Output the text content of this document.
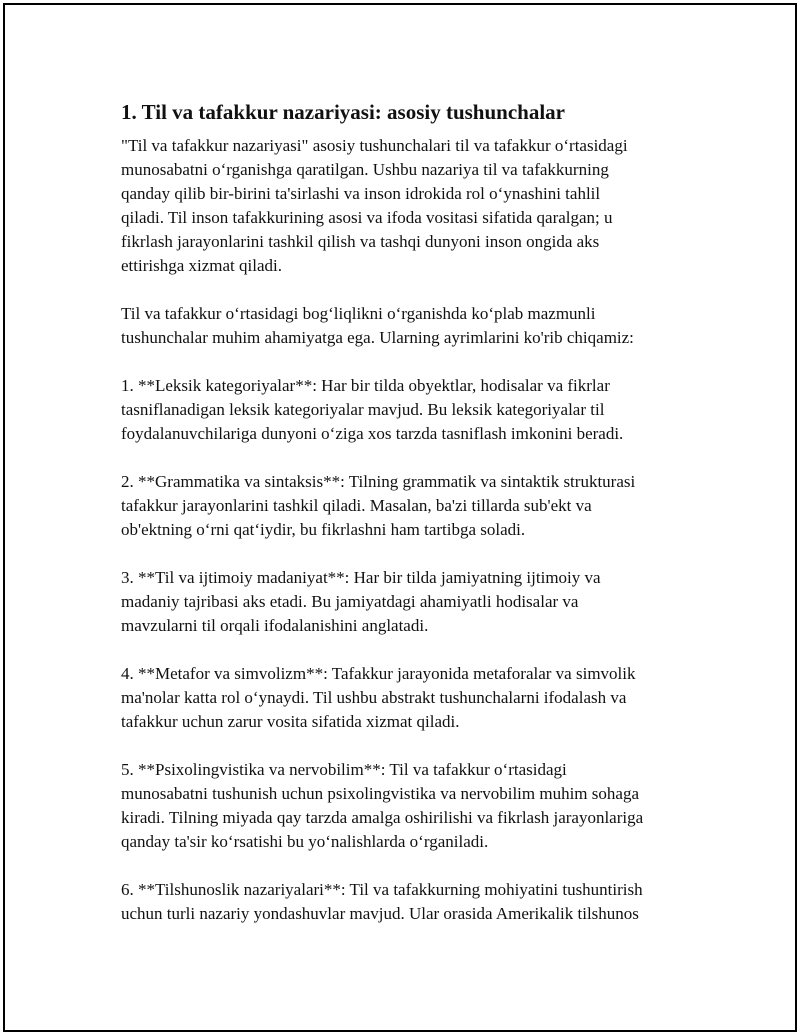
1. Til va tafakkur nazariyasi: asosiy tushunchalar

"Til va tafakkur nazariyasi" asosiy tushunchalari til va tafakkur o‘rtasidagi
munosabatni o‘rganishga qaratilgan. Ushbu nazariya til va tafakkurning
qanday qilib bir-birini ta'sirlashi va inson idrokida rol o‘ynashini tahlil
qiladi. Til inson tafakkurining asosi va ifoda vositasi sifatida qaralgan; u
fikrlash jarayonlarini tashkil qilish va tashqi dunyoni inson ongida aks
ettirishga xizmat qiladi.

Til va tafakkur o‘rtasidagi bog‘liqlikni o‘rganishda ko‘plab mazmunli
tushunchalar muhim ahamiyatga ega. Ularning ayrimlarini ko'rib chiqamiz:

1. **Leksik kategoriyalar**: Har bir tilda obyektlar, hodisalar va fikrlar
tasniflanadigan leksik kategoriyalar mavjud. Bu leksik kategoriyalar til
foydalanuvchilariga dunyoni o‘ziga xos tarzda tasniflash imkonini beradi.

2. **Grammatika va sintaksis**: Tilning grammatik va sintaktik strukturasi
tafakkur jarayonlarini tashkil qiladi. Masalan, ba'zi tillarda sub'ekt va
ob'ektning o‘rni qat‘iydir, bu fikrlashni ham tartibga soladi.

3. **Til va ijtimoiy madaniyat**: Har bir tilda jamiyatning ijtimoiy va
madaniy tajribasi aks etadi. Bu jamiyatdagi ahamiyatli hodisalar va
mavzularni til orqali ifodalanishini anglatadi.

4. **Metafor va simvolizm**: Tafakkur jarayonida metaforalar va simvolik
ma'nolar katta rol o‘ynaydi. Til ushbu abstrakt tushunchalarni ifodalash va
tafakkur uchun zarur vosita sifatida xizmat qiladi.

5. **Psixolingvistika va nervobilim**: Til va tafakkur o‘rtasidagi
munosabatni tushunish uchun psixolingvistika va nervobilim muhim sohaga
kiradi. Tilning miyada qay tarzda amalga oshirilishi va fikrlash jarayonlariga
qanday ta'sir ko‘rsatishi bu yo‘nalishlarda o‘rganiladi.

6. **Tilshunoslik nazariyalari**: Til va tafakkurning mohiyatini tushuntirish
uchun turli nazariy yondashuvlar mavjud. Ular orasida Amerikalik tilshunos
